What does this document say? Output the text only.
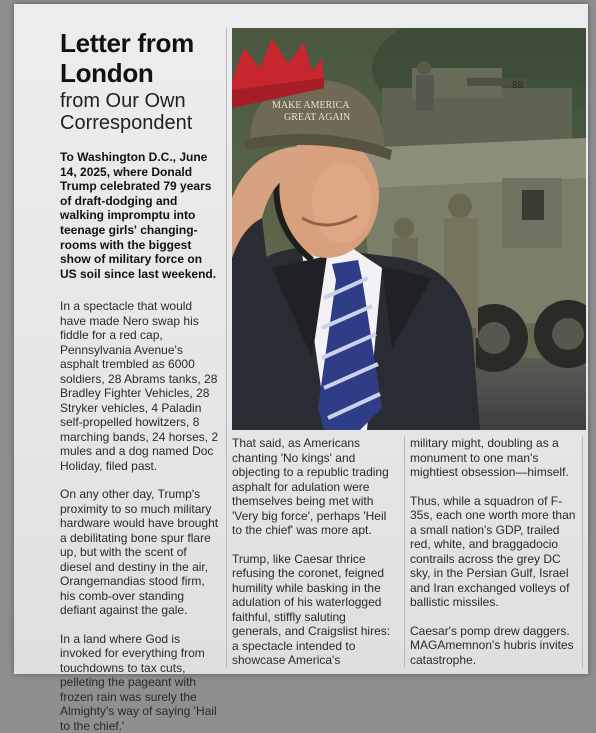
Letter from London
from Our Own Correspondent

To Washington D.C., June 14, 2025, where Donald Trump celebrated 79 years of draft-dodging and walking impromptu into teenage girls' changing-rooms with the biggest show of military force on US soil since last weekend.

In a spectacle that would have made Nero swap his fiddle for a red cap, Pennsylvania Avenue's asphalt trembled as 6000 soldiers, 28 Abrams tanks, 28 Bradley Fighter Vehicles, 28 Stryker vehicles, 4 Paladin self-propelled howitzers, 8 marching bands, 24 horses, 2 mules and a dog named Doc Holiday, filed past.

On any other day, Trump's proximity to so much military hardware would have brought a debilitating bone spur flare up, but with the scent of diesel and destiny in the air, Orangemandias stood firm, his comb-over standing defiant against the gale.

In a land where God is invoked for everything from touchdowns to tax cuts, pelleting the pageant with frozen rain was surely the Almighty's way of saying 'Hail to the chief.'

88
MAKE AMERICA
GREAT AGAIN

That said, as Americans chanting 'No kings' and objecting to a republic trading asphalt for adulation were themselves being met with 'Very big force', perhaps 'Heil to the chief' was more apt.

Trump, like Caesar thrice refusing the coronet, feigned humility while basking in the adulation of his waterlogged faithful, stiffly saluting generals, and Craigslist hires: a spectacle intended to showcase America's

military might, doubling as a monument to one man's mightiest obsession—himself.

Thus, while a squadron of F-35s, each one worth more than a small nation's GDP, trailed red, white, and braggadocio contrails across the grey DC sky, in the Persian Gulf, Israel and Iran exchanged volleys of ballistic missiles.

Caesar's pomp drew daggers. MAGAmemnon's hubris invites catastrophe.
